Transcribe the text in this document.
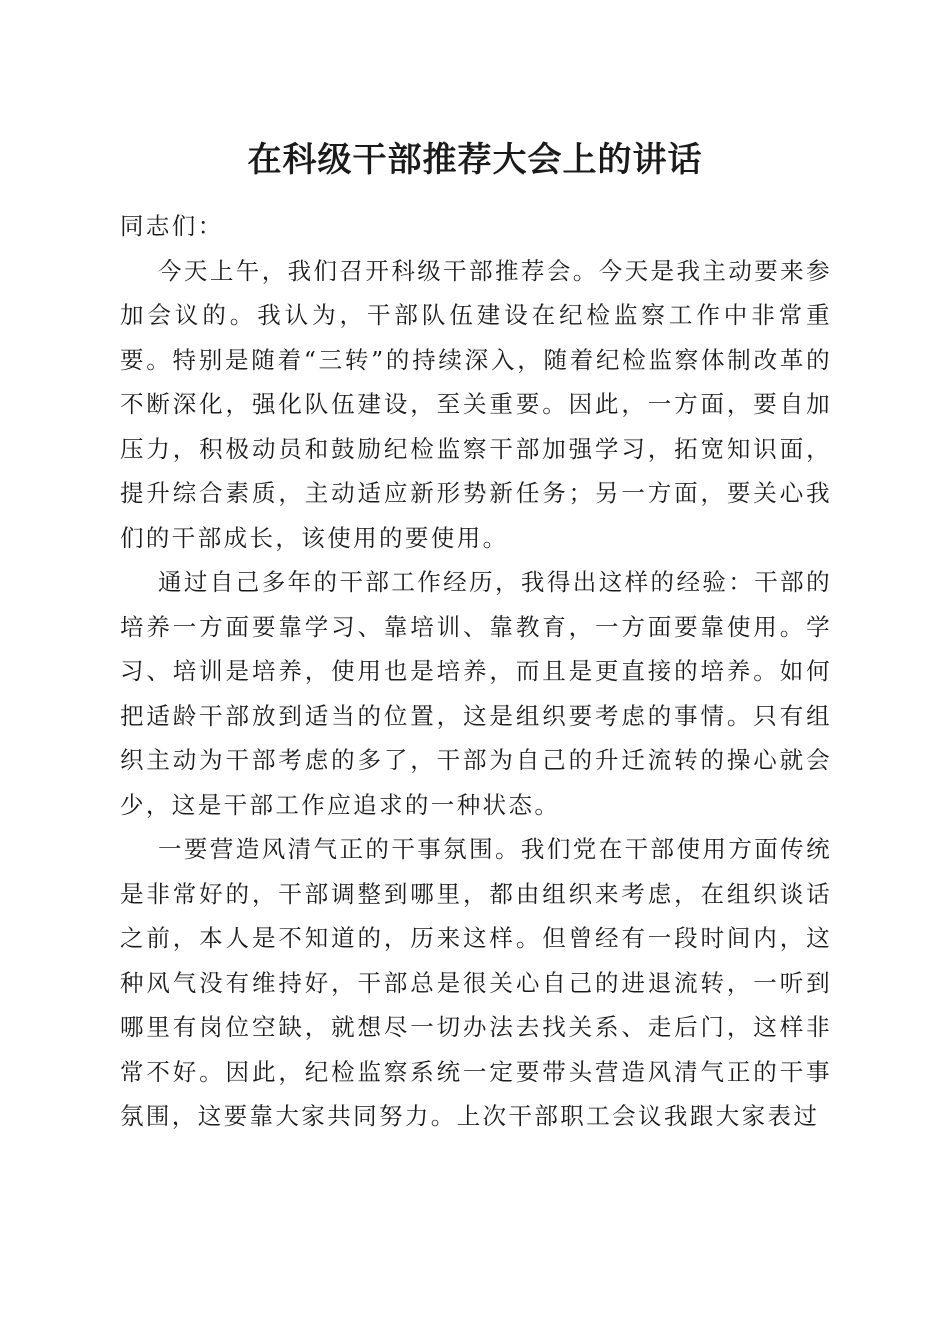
在科级干部推荐大会上的讲话

同志们：

今天上午，我们召开科级干部推荐会。今天是我主动要来参加会议的。我认为，干部队伍建设在纪检监察工作中非常重要。特别是随着“三转”的持续深入，随着纪检监察体制改革的不断深化，强化队伍建设，至关重要。因此，一方面，要自加压力，积极动员和鼓励纪检监察干部加强学习，拓宽知识面，提升综合素质，主动适应新形势新任务；另一方面，要关心我们的干部成长，该使用的要使用。

通过自己多年的干部工作经历，我得出这样的经验：干部的培养一方面要靠学习、靠培训、靠教育，一方面要靠使用。学习、培训是培养，使用也是培养，而且是更直接的培养。如何把适龄干部放到适当的位置，这是组织要考虑的事情。只有组织主动为干部考虑的多了，干部为自己的升迁流转的操心就会少，这是干部工作应追求的一种状态。

一要营造风清气正的干事氛围。我们党在干部使用方面传统是非常好的，干部调整到哪里，都由组织来考虑，在组织谈话之前，本人是不知道的，历来这样。但曾经有一段时间内，这种风气没有维持好，干部总是很关心自己的进退流转，一听到哪里有岗位空缺，就想尽一切办法去找关系、走后门，这样非常不好。因此，纪检监察系统一定要带头营造风清气正的干事氛围，这要靠大家共同努力。上次干部职工会议我跟大家表过
